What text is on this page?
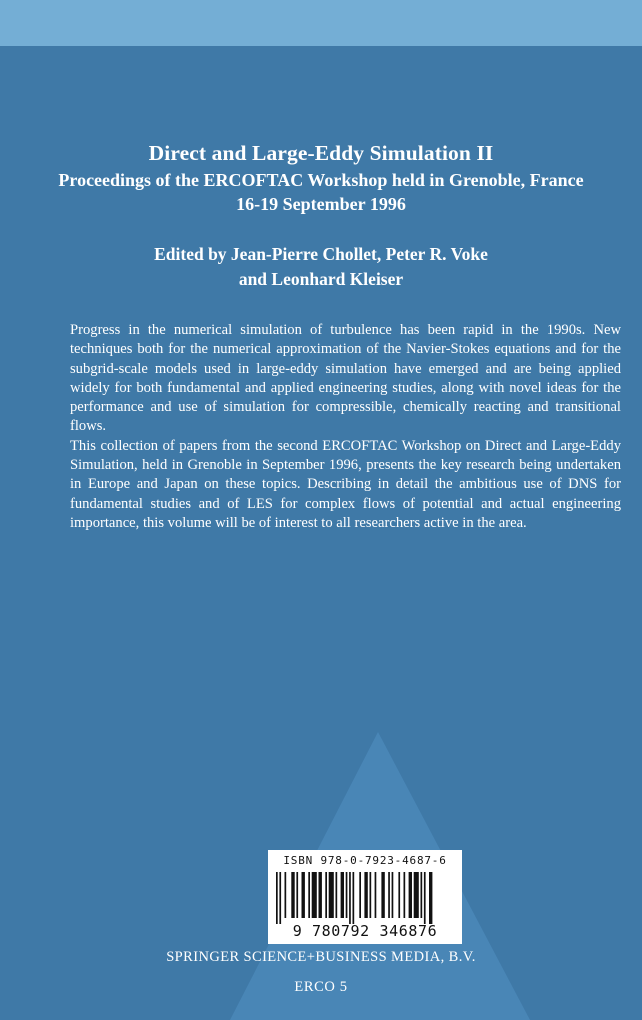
Direct and Large-Eddy Simulation II
Proceedings of the ERCOFTAC Workshop held in Grenoble, France
16-19 September 1996
Edited by Jean-Pierre Chollet, Peter R. Voke
and Leonhard Kleiser

Progress in the numerical simulation of turbulence has been rapid in the 1990s. New techniques both for the numerical approximation of the Navier-Stokes equations and for the subgrid-scale models used in large-eddy simulation have emerged and are being applied widely for both fundamental and applied engineering studies, along with novel ideas for the performance and use of simulation for compressible, chemically reacting and transitional flows.

This collection of papers from the second ERCOFTAC Workshop on Direct and Large-Eddy Simulation, held in Grenoble in September 1996, presents the key research being undertaken in Europe and Japan on these topics. Describing in detail the ambitious use of DNS for fundamental studies and of LES for complex flows of potential and actual engineering importance, this volume will be of interest to all researchers active in the area.

ISBN 978-0-7923-4687-6
9 780792 346876
SPRINGER SCIENCE+BUSINESS MEDIA, B.V.
ERCO 5
